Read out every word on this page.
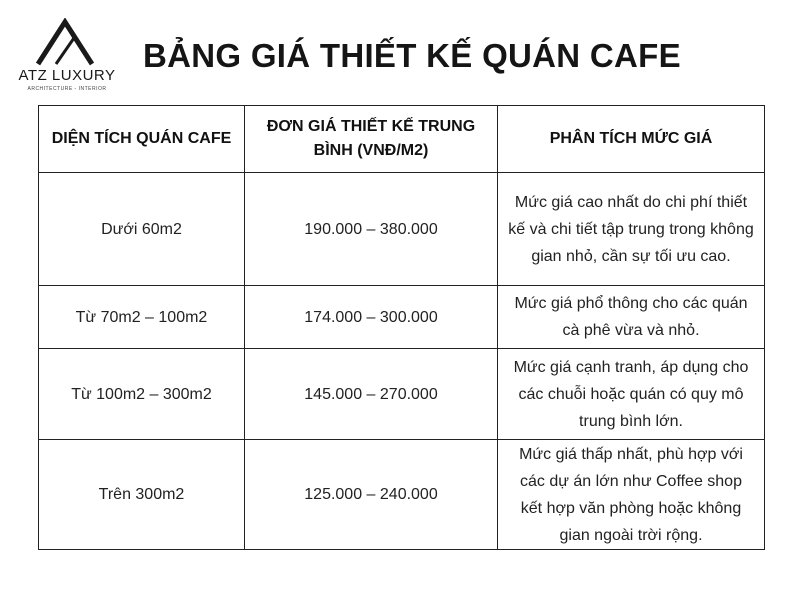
ATZ LUXURY
ARCHITECTURE - INTERIOR
BẢNG GIÁ THIẾT KẾ QUÁN CAFE
DIỆN TÍCH QUÁN CAFE	ĐƠN GIÁ THIẾT KẾ TRUNG BÌNH (VNĐ/M2)	PHÂN TÍCH MỨC GIÁ
Dưới 60m2	190.000 – 380.000	Mức giá cao nhất do chi phí thiết kế và chi tiết tập trung trong không gian nhỏ, cần sự tối ưu cao.
Từ 70m2 – 100m2	174.000 – 300.000	Mức giá phổ thông cho các quán cà phê vừa và nhỏ.
Từ 100m2 – 300m2	145.000 – 270.000	Mức giá cạnh tranh, áp dụng cho các chuỗi hoặc quán có quy mô trung bình lớn.
Trên 300m2	125.000 – 240.000	Mức giá thấp nhất, phù hợp với các dự án lớn như Coffee shop kết hợp văn phòng hoặc không gian ngoài trời rộng.
